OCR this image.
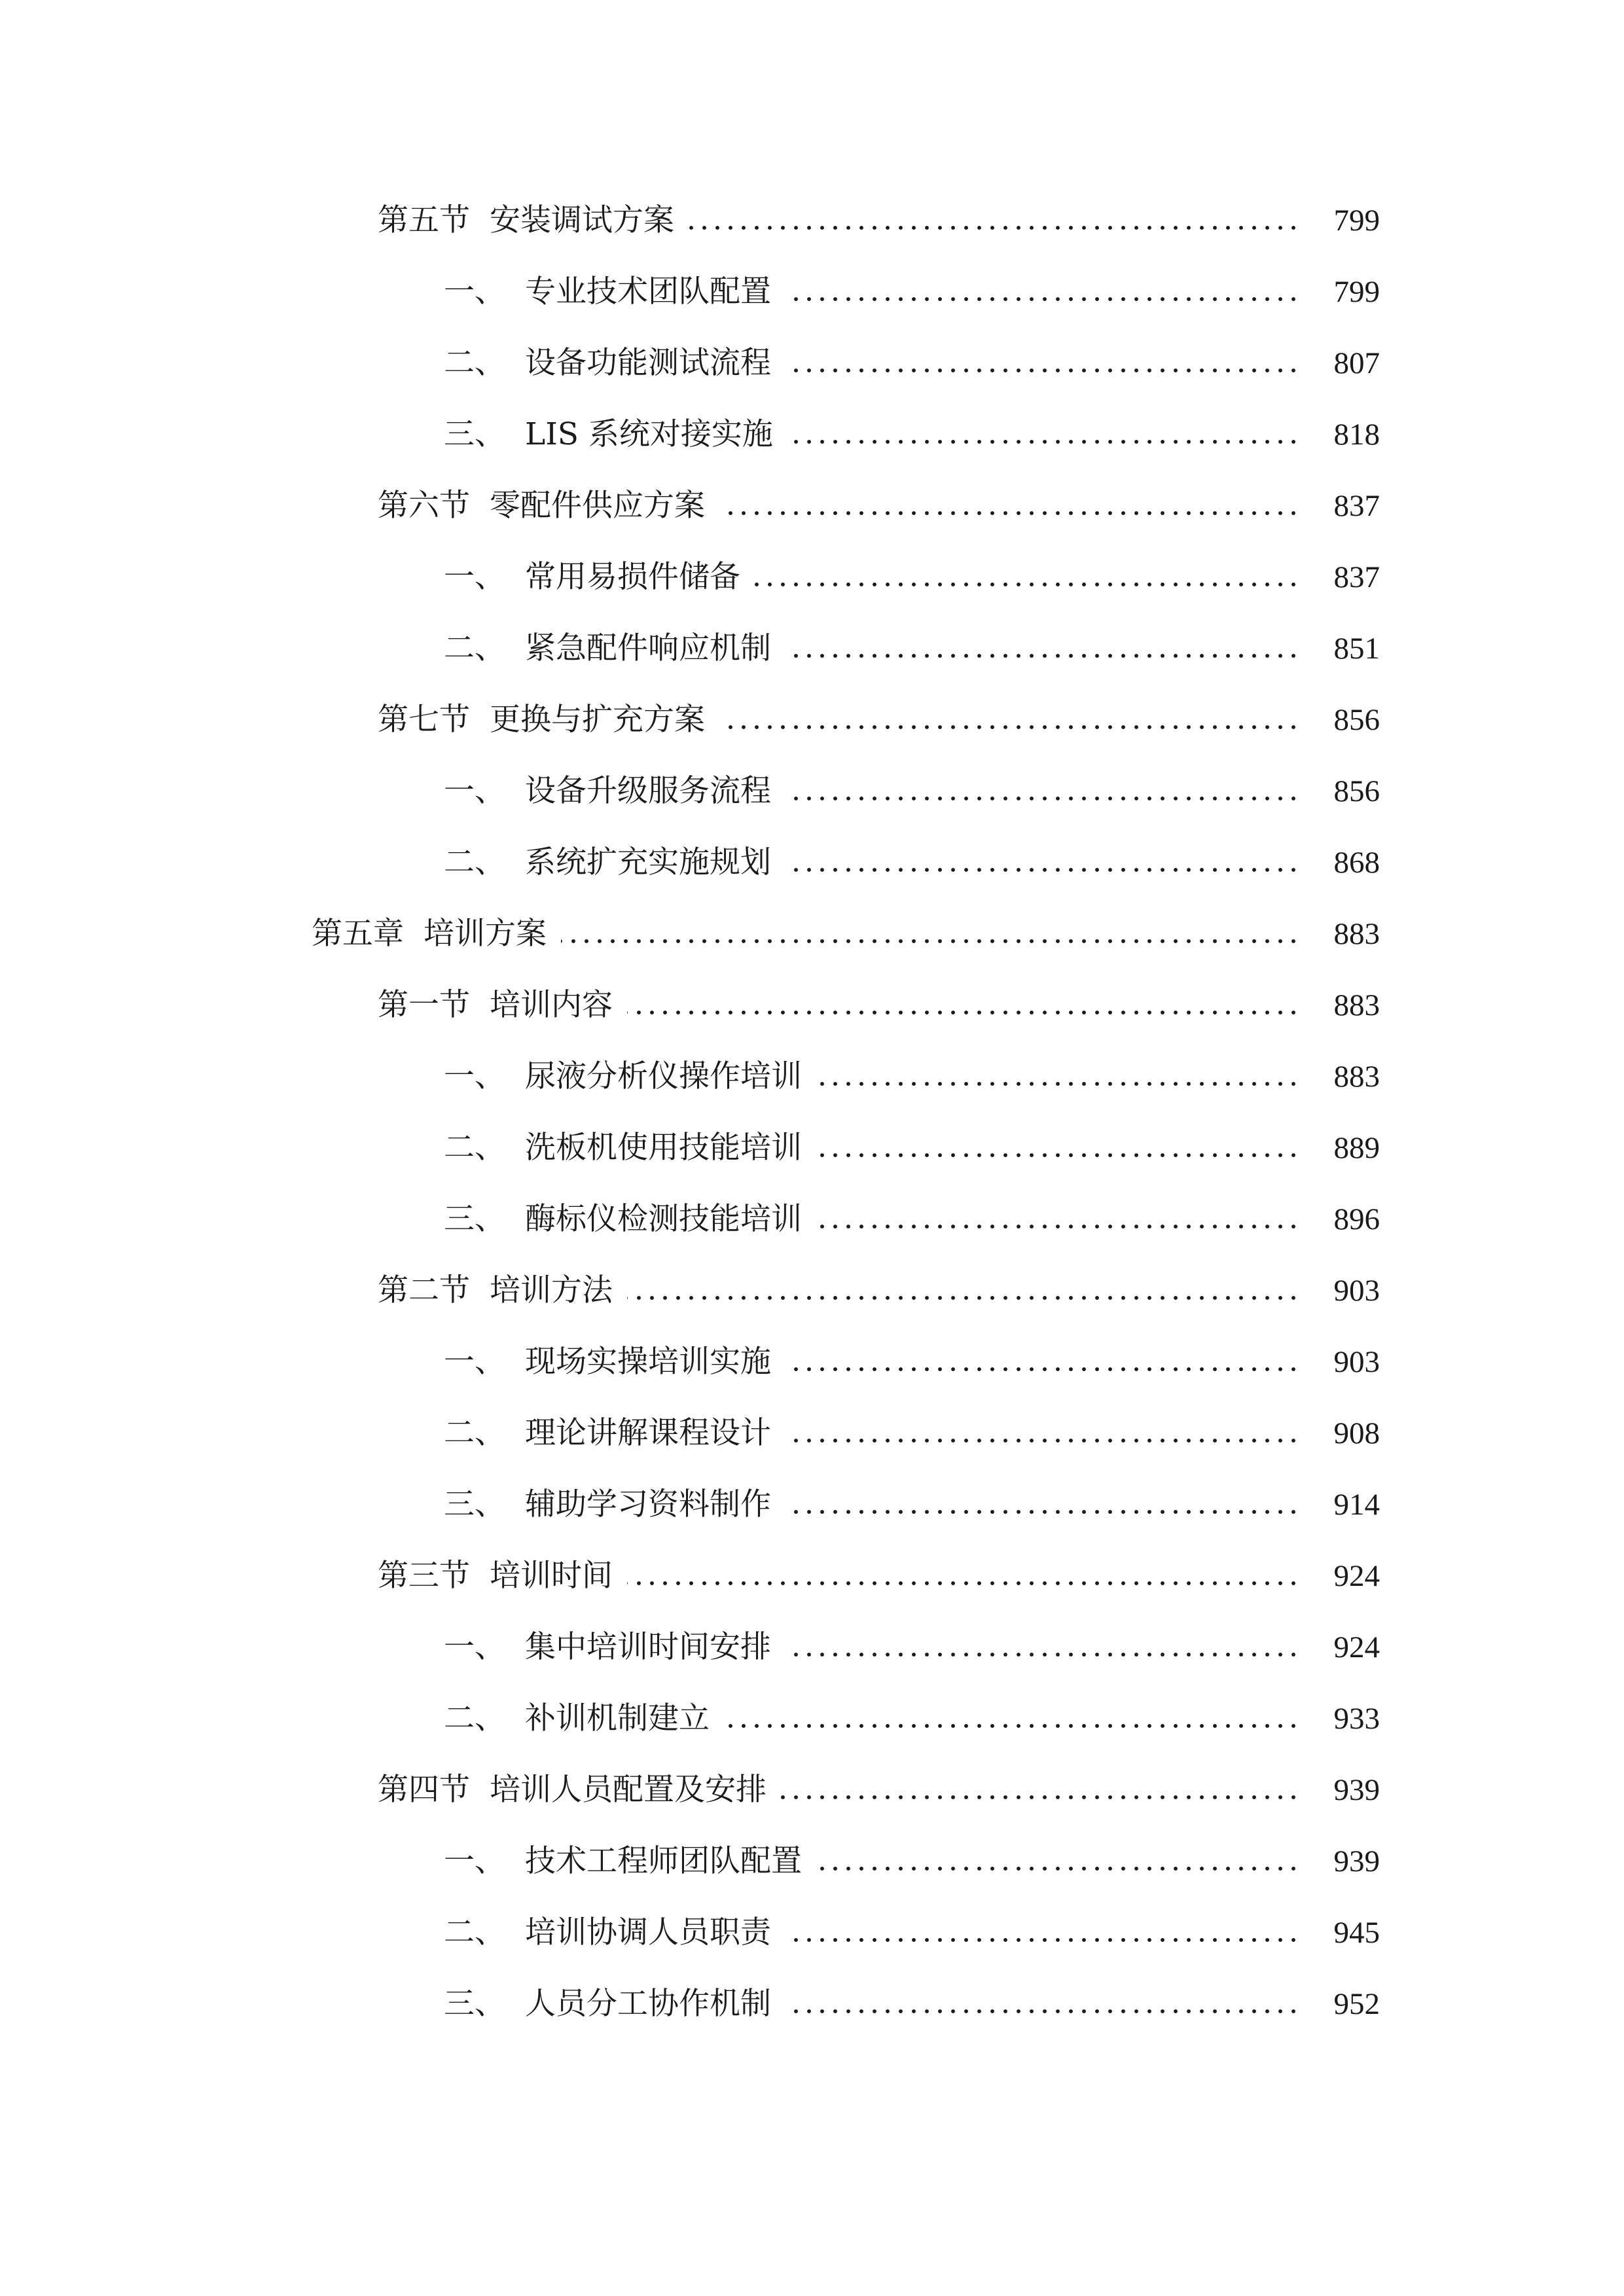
第五节 安装调试方案	799
一、 专业技术团队配置	799
二、 设备功能测试流程	807
三、 LIS 系统对接实施	818
第六节 零配件供应方案	837
一、 常用易损件储备	837
二、 紧急配件响应机制	851
第七节 更换与扩充方案	856
一、 设备升级服务流程	856
二、 系统扩充实施规划	868
第五章 培训方案	883
第一节 培训内容	883
一、 尿液分析仪操作培训	883
二、 洗板机使用技能培训	889
三、 酶标仪检测技能培训	896
第二节 培训方法	903
一、 现场实操培训实施	903
二、 理论讲解课程设计	908
三、 辅助学习资料制作	914
第三节 培训时间	924
一、 集中培训时间安排	924
二、 补训机制建立	933
第四节 培训人员配置及安排	939
一、 技术工程师团队配置	939
二、 培训协调人员职责	945
三、 人员分工协作机制	952
